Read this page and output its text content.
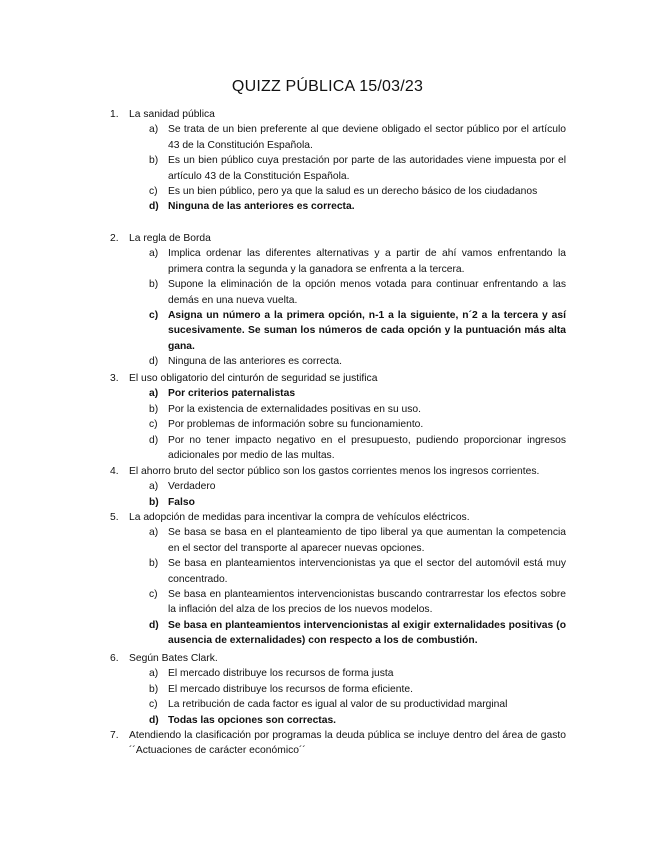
QUIZZ PÚBLICA 15/03/23
1. La sanidad pública
a) Se trata de un bien preferente al que deviene obligado el sector público por el artículo 43 de la Constitución Española.
b) Es un bien público cuya prestación por parte de las autoridades viene impuesta por el artículo 43 de la Constitución Española.
c) Es un bien público, pero ya que la salud es un derecho básico de los ciudadanos
d) Ninguna de las anteriores es correcta.
2. La regla de Borda
a) Implica ordenar las diferentes alternativas y a partir de ahí vamos enfrentando la primera contra la segunda y la ganadora se enfrenta a la tercera.
b) Supone la eliminación de la opción menos votada para continuar enfrentando a las demás en una nueva vuelta.
c) Asigna un número a la primera opción, n-1 a la siguiente, n´2 a la tercera y así sucesivamente. Se suman los números de cada opción y la puntuación más alta gana.
d) Ninguna de las anteriores es correcta.
3. El uso obligatorio del cinturón de seguridad se justifica
a) Por criterios paternalistas
b) Por la existencia de externalidades positivas en su uso.
c) Por problemas de información sobre su funcionamiento.
d) Por no tener impacto negativo en el presupuesto, pudiendo proporcionar ingresos adicionales por medio de las multas.
4. El ahorro bruto del sector público son los gastos corrientes menos los ingresos corrientes.
a) Verdadero
b) Falso
5. La adopción de medidas para incentivar la compra de vehículos eléctricos.
a) Se basa se basa en el planteamiento de tipo liberal ya que aumentan la competencia en el sector del transporte al aparecer nuevas opciones.
b) Se basa en planteamientos intervencionistas ya que el sector del automóvil está muy concentrado.
c) Se basa en planteamientos intervencionistas buscando contrarrestar los efectos sobre la inflación del alza de los precios de los nuevos modelos.
d) Se basa en planteamientos intervencionistas al exigir externalidades positivas (o ausencia de externalidades) con respecto a los de combustión.
6. Según Bates Clark.
a) El mercado distribuye los recursos de forma justa
b) El mercado distribuye los recursos de forma eficiente.
c) La retribución de cada factor es igual al valor de su productividad marginal
d) Todas las opciones son correctas.
7. Atendiendo la clasificación por programas la deuda pública se incluye dentro del área de gasto ´´Actuaciones de carácter económico´´
